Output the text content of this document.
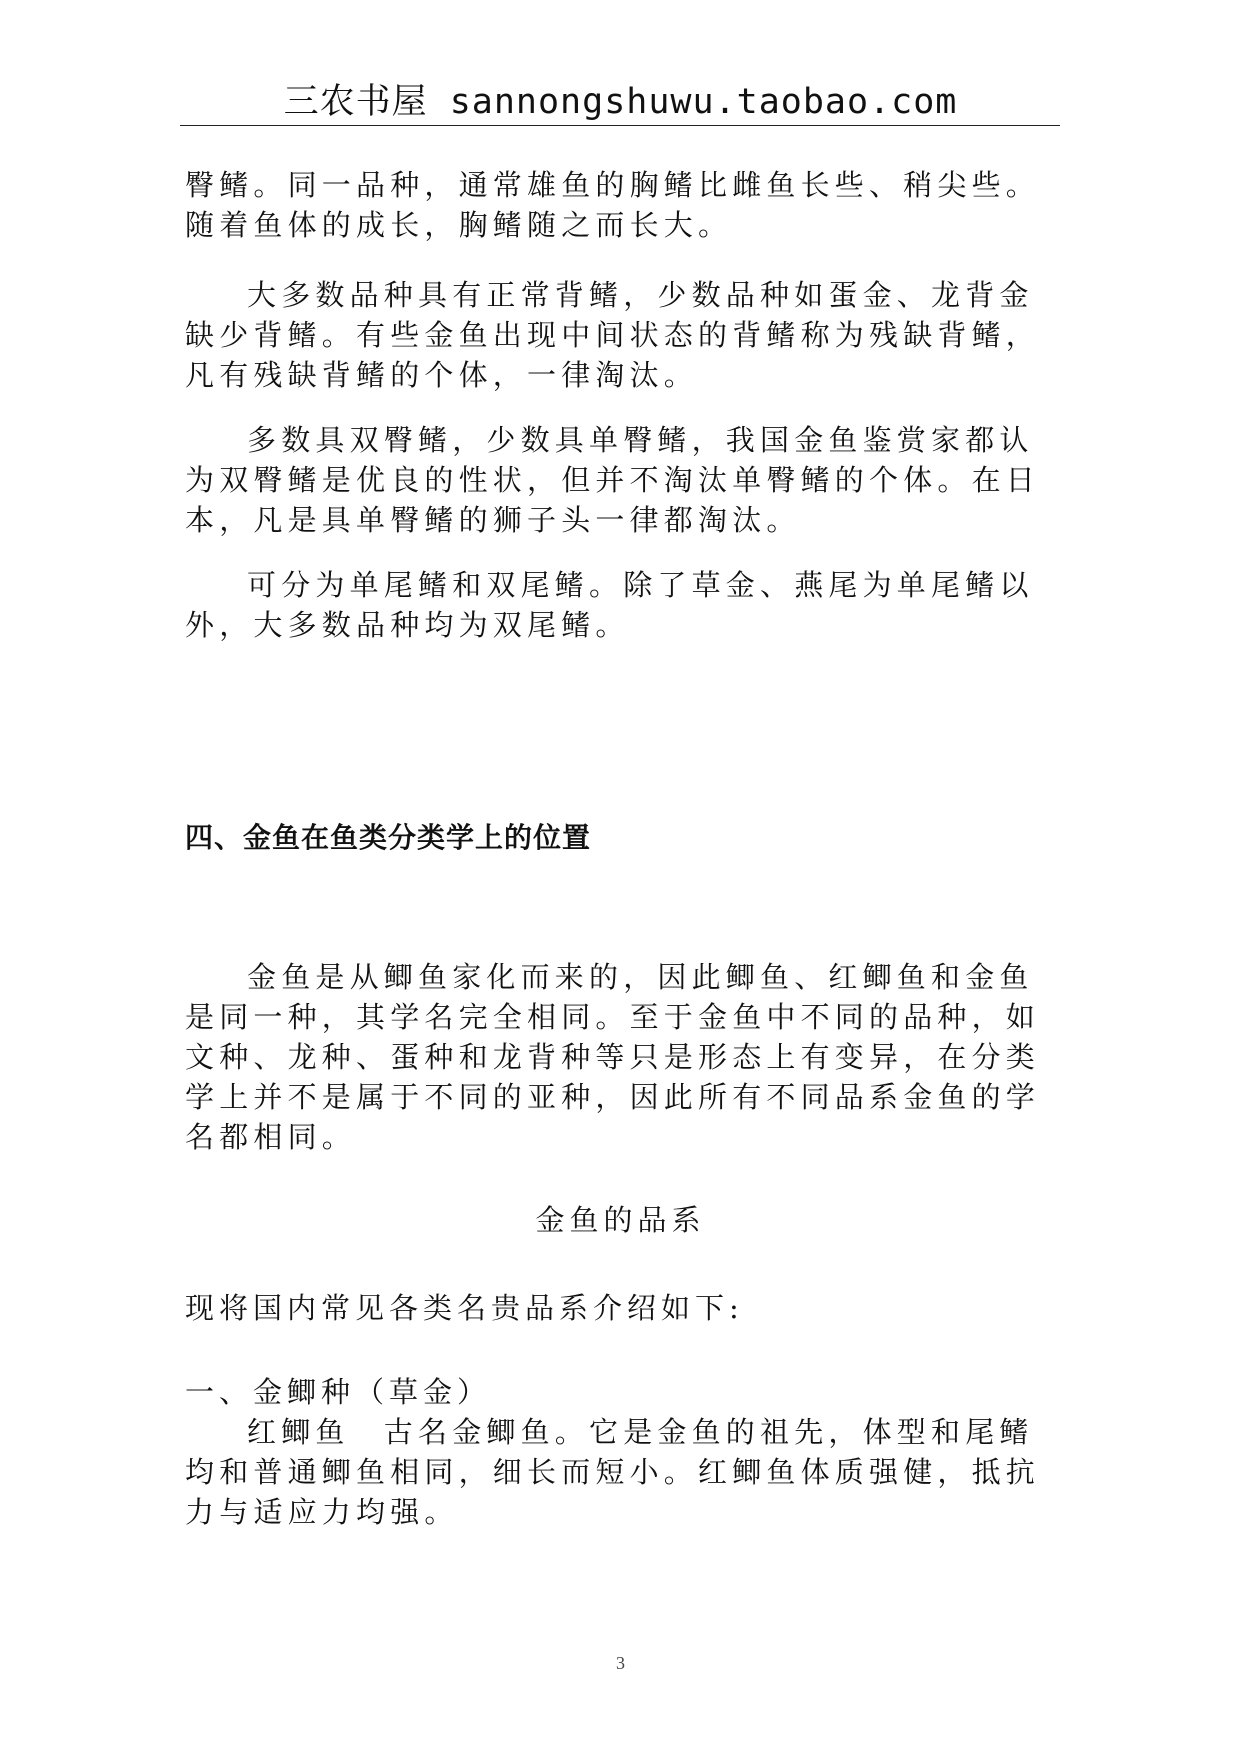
三农书屋 sannongshuwu.taobao.com

臀鳍。同一品种，通常雄鱼的胸鳍比雌鱼长些、稍尖些。随着鱼体的成长，胸鳍随之而长大。

大多数品种具有正常背鳍，少数品种如蛋金、龙背金缺少背鳍。有些金鱼出现中间状态的背鳍称为残缺背鳍，凡有残缺背鳍的个体，一律淘汰。

多数具双臀鳍，少数具单臀鳍，我国金鱼鉴赏家都认为双臀鳍是优良的性状，但并不淘汰单臀鳍的个体。在日本，凡是具单臀鳍的狮子头一律都淘汰。

可分为单尾鳍和双尾鳍。除了草金、燕尾为单尾鳍以外，大多数品种均为双尾鳍。

四、金鱼在鱼类分类学上的位置

金鱼是从鲫鱼家化而来的，因此鲫鱼、红鲫鱼和金鱼是同一种，其学名完全相同。至于金鱼中不同的品种，如文种、龙种、蛋种和龙背种等只是形态上有变异，在分类学上并不是属于不同的亚种，因此所有不同品系金鱼的学名都相同。

金鱼的品系
现将国内常见各类名贵品系介绍如下:
一、金鲫种（草金）

红鲫鱼　古名金鲫鱼。它是金鱼的祖先，体型和尾鳍均和普通鲫鱼相同，细长而短小。红鲫鱼体质强健，抵抗力与适应力均强。

3
